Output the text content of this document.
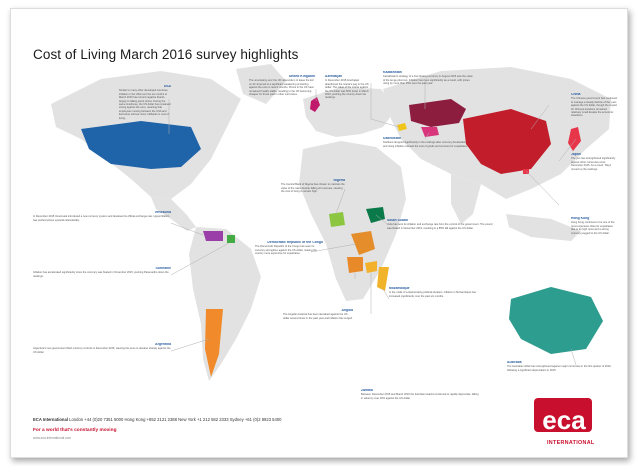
Cost of Living March 2016 survey highlights
USA
Similar to many other developed countries, inflation in the USA over the six months to March 2016 has turned negative thanks largely to falling petrol prices. During the same timeframe, the US dollar has remained strong against the euro, meaning that employees moving between the USA and Eurozone will see minor rollbacks in cost of living.
United Kingdom
The uncertainty over the UK referendum to leave the EU on 23 June led to a significant weakening of sterling against the euro in recent months. Prices in the UK have remained broadly stable, resulting in the UK becoming cheaper for those paid in other currencies.
Azerbaijan
In December 2015 Azerbaijan abandoned the manat's peg to the US dollar. The value of the manat against the US dollar was 50% lower in March 2016, pushing the country down the rankings.
Kazakhstan
Kazakhstan's strategy of a free floating currency in August 2015 saw the value of the tenge plummet. Inflation has risen significantly as a result, with prices rising by more than 15% over the past year.
Uzbekistan
Tashkent dropped significantly in the rankings after currency devaluation and rising inflation reduced the cost of goods and services for expatriates.
China
The Chinese government has continued to manage a steady decline of the yuan against the US dollar, though the impact for Chinese locations remained relatively small despite the economic slowdown.
Japan
The yen has strengthened significantly against other currencies since December 2015. As a result, Tokyo moved up the rankings.
Hong Kong
Hong Kong continues to be one of the most expensive cities for expatriates due to its high rents and a strong currency pegged to the US dollar.
South Sudan
Juba has sent its inflation and exchange rate from the control of the government. The pound was floated in December 2015, resulting in a 85% fall against the US dollar.
Nigeria
The Central Bank of Nigeria has chosen to maintain the value of the naira despite falling oil revenues, causing the cost of living to remain high.
Democratic Republic of the Congo
The Democratic Republic of the Congo has seen its currency strengthen against the US dollar, making the country more expensive for expatriates.
Angola
The Angolan kwanza has been devalued against the US dollar several times in the past year and inflation has surged.
Zambia
Between December 2015 and March 2016 the Zambian kwacha continued to rapidly depreciate, falling in value by over 20% against the US dollar.
Mozambique
In the midst of a deteriorating political situation, inflation in Mozambique has increased significantly over the past six months.
Venezuela
In December 2015 Venezuela introduced a new currency system and devalued its official exchange rate. Hyperinflation has pushed prices upwards dramatically.
Suriname
Inflation has accelerated significantly since the currency was floated in November 2015, pushing Paramaribo down the rankings.
Argentina
Argentina's new government lifted currency controls in December 2015, causing the peso to devalue sharply against the US dollar.
Australia
The Australian dollar has strengthened against major currencies in the first quarter of 2016, following a significant depreciation in 2015.
ECA International London +44 (0)20 7351 5000 Hong Kong +852 2121 2388 New York +1 212 582 2333 Sydney +61 (0)2 8923 5400
For a world that's constantly moving
www.eca-international.com
INTERNATIONAL
eca
